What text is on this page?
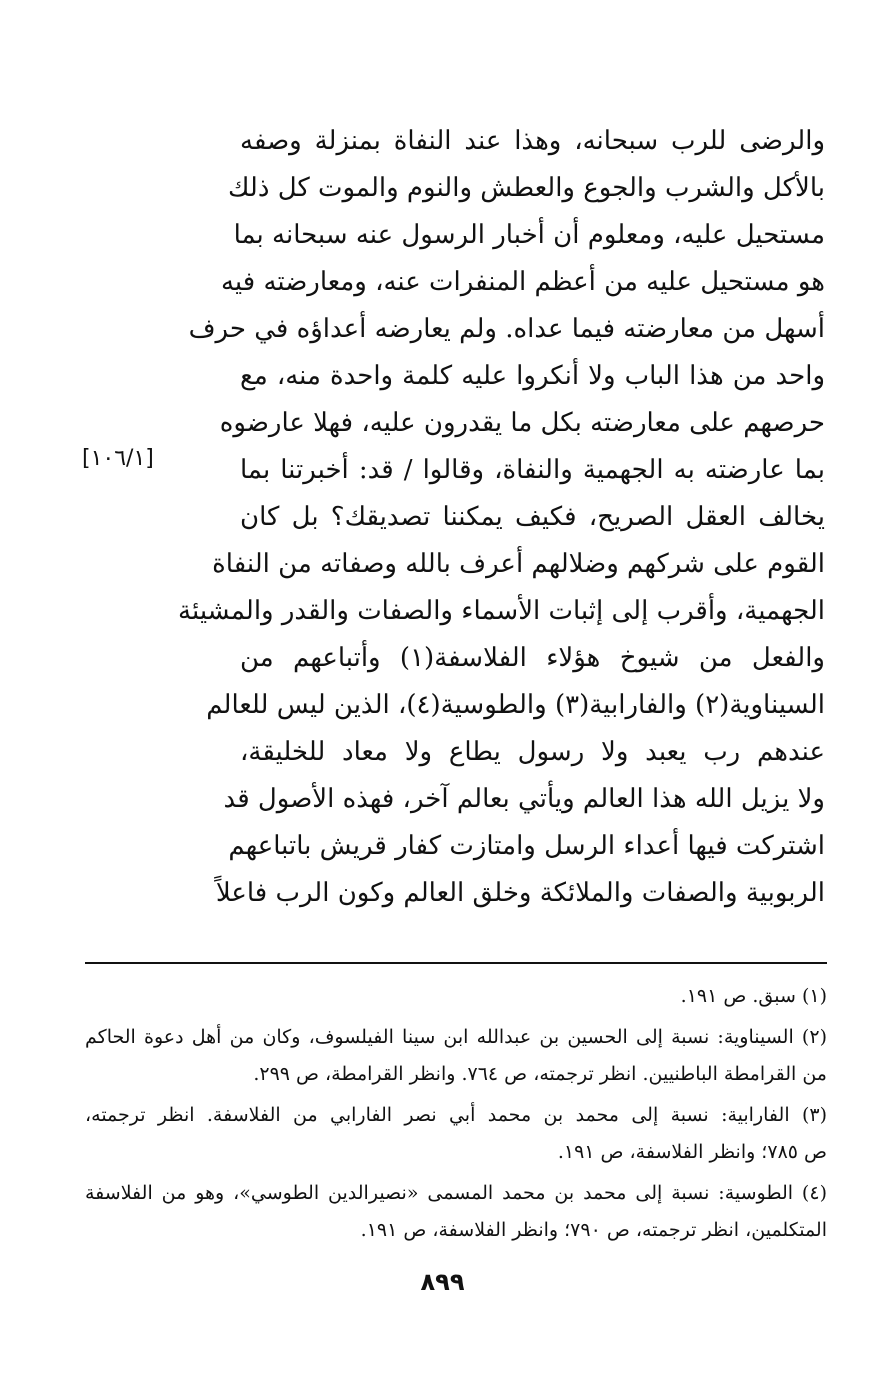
والرضى للرب سبحانه، وهذا عند النفاة بمنزلة وصفه
بالأكل والشرب والجوع والعطش والنوم والموت كل ذلك
مستحيل عليه، ومعلوم أن أخبار الرسول عنه سبحانه بما
هو مستحيل عليه من أعظم المنفرات عنه، ومعارضته فيه
أسهل من معارضته فيما عداه. ولم يعارضه أعداؤه في حرف
واحد من هذا الباب ولا أنكروا عليه كلمة واحدة منه، مع
حرصهم على معارضته بكل ما يقدرون عليه، فهلا عارضوه
بما عارضته به الجهمية والنفاة، وقالوا / قد: أخبرتنا بما
يخالف العقل الصريح، فكيف يمكننا تصديقك؟ بل كان
القوم على شركهم وضلالهم أعرف بالله وصفاته من النفاة
الجهمية، وأقرب إلى إثبات الأسماء والصفات والقدر والمشيئة
والفعل من شيوخ هؤلاء الفلاسفة(١) وأتباعهم من
السيناوية(٢) والفارابية(٣) والطوسية(٤)، الذين ليس للعالم
عندهم رب يعبد ولا رسول يطاع ولا معاد للخليقة،
ولا يزيل الله هذا العالم ويأتي بعالم آخر، فهذه الأصول قد
اشتركت فيها أعداء الرسل وامتازت كفار قريش باتباعهم
الربوبية والصفات والملائكة وخلق العالم وكون الرب فاعلاً
[١٠٦/١]
(١) سبق. ص ١٩١.
(٢) السيناوية: نسبة إلى الحسين بن عبدالله ابن سينا الفيلسوف، وكان من أهل دعوة الحاكم
من القرامطة الباطنيين. انظر ترجمته، ص ٧٦٤. وانظر القرامطة، ص ٢٩٩.
(٣) الفارابية: نسبة إلى محمد بن محمد أبي نصر الفارابي من الفلاسفة. انظر ترجمته،
ص ٧٨٥؛ وانظر الفلاسفة، ص ١٩١.
(٤) الطوسية: نسبة إلى محمد بن محمد المسمى «نصيرالدين الطوسي»، وهو من الفلاسفة
المتكلمين، انظر ترجمته، ص ٧٩٠؛ وانظر الفلاسفة، ص ١٩١.
٨٩٩
